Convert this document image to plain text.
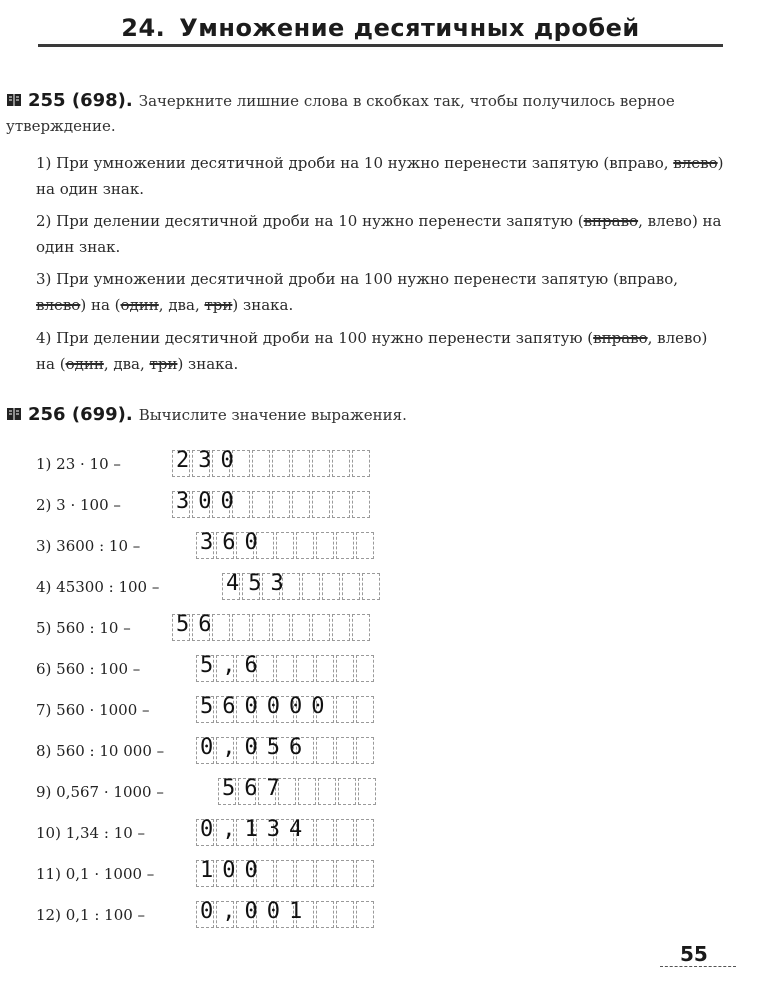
24. Умножение десятичных дробей
255 (698). Зачеркните лишние слова в скобках так, чтобы получилось верное утверждение.
1) При умножении десятичной дроби на 10 нужно перенести запятую (вправо, влево) на один знак.
2) При делении десятичной дроби на 10 нужно перенести запятую (вправо, влево) на один знак.
3) При умножении десятичной дроби на 100 нужно перенести запятую (вправо, влево) на (один, два, три) знака.
4) При делении десятичной дроби на 100 нужно перенести запятую (вправо, влево) на (один, два, три) знака.
256 (699). Вычислите значение выражения.
1) 23 · 10 –	230
2) 3 · 100 –	300
3) 3600 : 10 –	360
4) 45300 : 100 –	453
5) 560 : 10 – 56
6) 560 : 100 –	5,6
7) 560 · 1000 – 560000
8) 560 : 10 000 – 0,056
9) 0,567 · 1000 –	567
10) 1,34 : 10 – 0,134
11) 0,1 · 1000 – 100
12) 0,1 : 100 – 0,001
55
